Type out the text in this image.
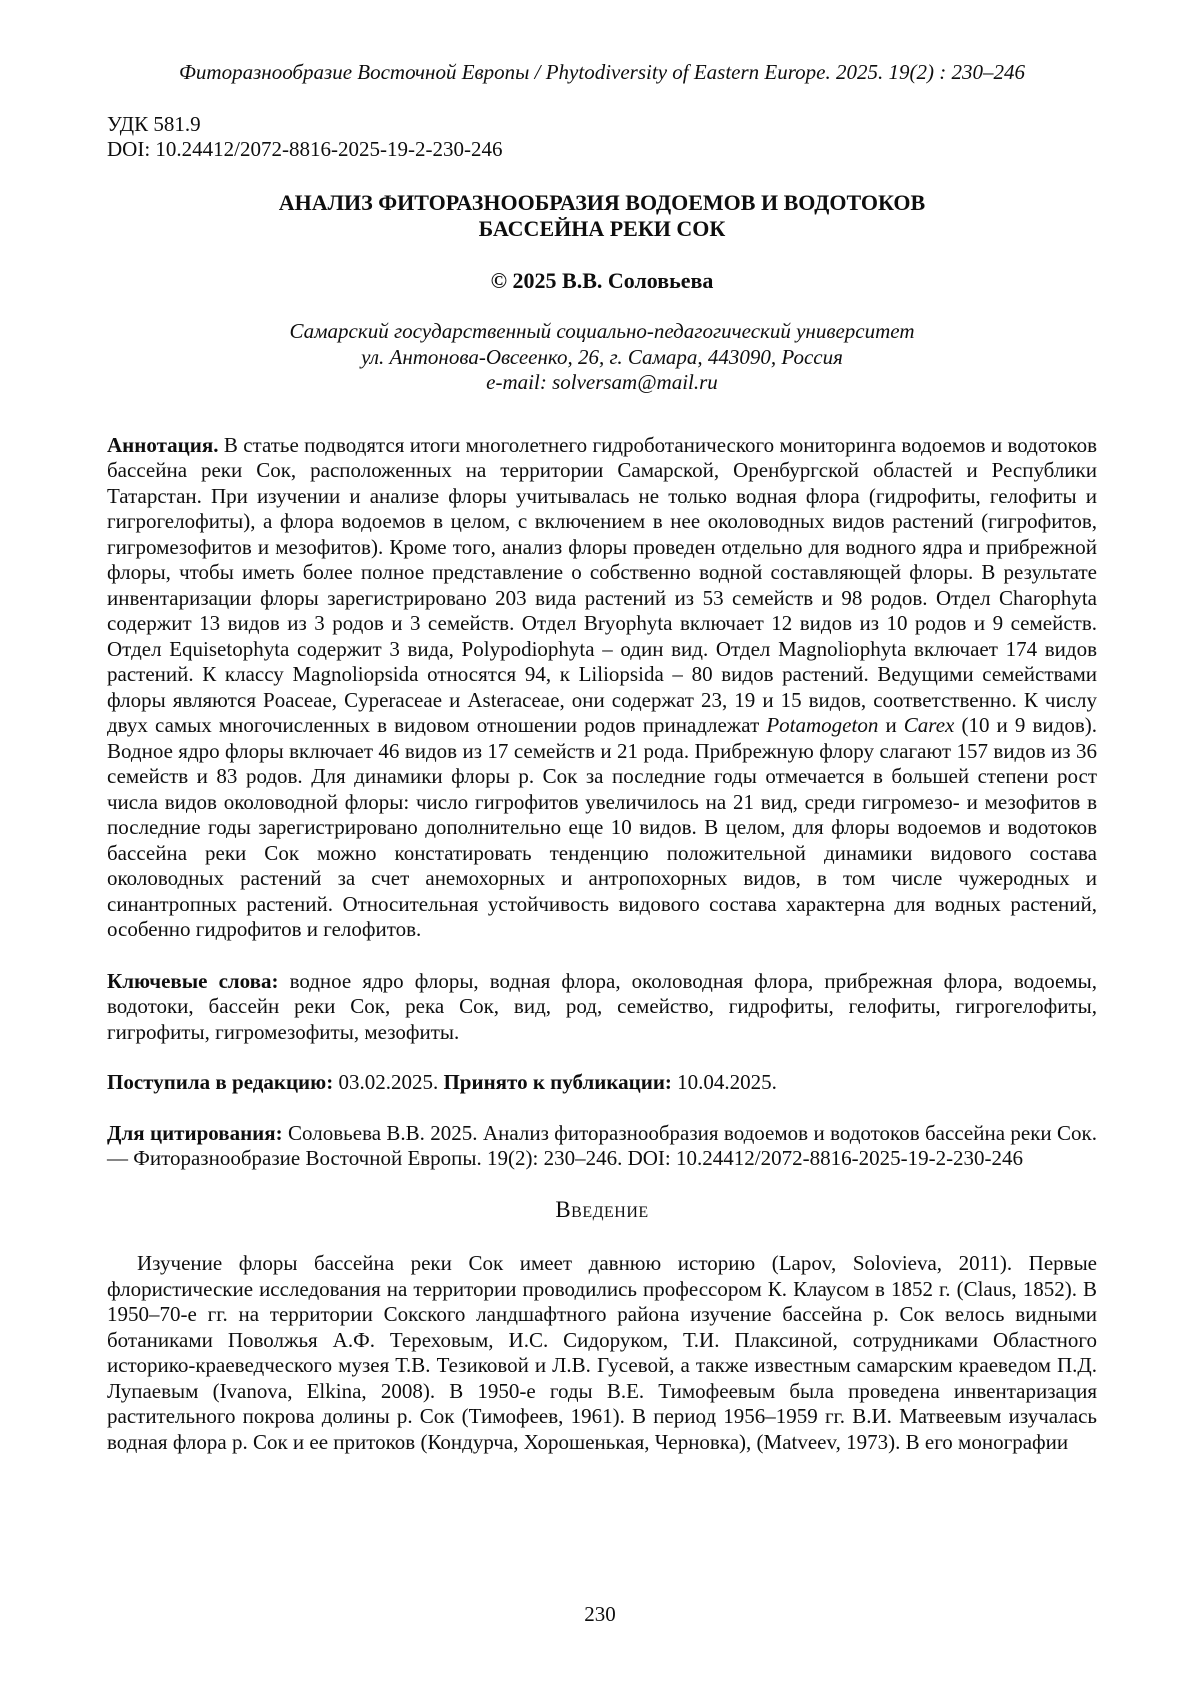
Фиторазнообразие Восточной Европы / Phytodiversity of Eastern Europe. 2025. 19(2) : 230–246
УДК 581.9
DOI: 10.24412/2072-8816-2025-19-2-230-246
АНАЛИЗ ФИТОРАЗНООБРАЗИЯ ВОДОЕМОВ И ВОДОТОКОВ
БАССЕЙНА РЕКИ СОК
© 2025 В.В. Соловьева
Самарский государственный социально-педагогический университет
ул. Антонова-Овсеенко, 26, г. Самара, 443090, Россия
e-mail: solversam@mail.ru
Аннотация. В статье подводятся итоги многолетнего гидроботанического мониторинга водоемов и водотоков бассейна реки Сок, расположенных на территории Самарской, Оренбургской областей и Республики Татарстан. При изучении и анализе флоры учитывалась не только водная флора (гидрофиты, гелофиты и гигрогелофиты), а флора водоемов в целом, с включением в нее околоводных видов растений (гигрофитов, гигромезофитов и мезофитов). Кроме того, анализ флоры проведен отдельно для водного ядра и прибрежной флоры, чтобы иметь более полное представление о собственно водной составляющей флоры. В результате инвентаризации флоры зарегистрировано 203 вида растений из 53 семейств и 98 родов. Отдел Charophyta содержит 13 видов из 3 родов и 3 семейств. Отдел Bryophyta включает 12 видов из 10 родов и 9 семейств. Отдел Equisetophyta содержит 3 вида, Polypodiophyta – один вид. Отдел Magnoliophyta включает 174 видов растений. К классу Magnoliopsida относятся 94, к Liliopsida – 80 видов растений. Ведущими семействами флоры являются Poaceae, Cyperaceae и Asteraceae, они содержат 23, 19 и 15 видов, соответственно. К числу двух самых многочисленных в видовом отношении родов принадлежат Potamogeton и Carex (10 и 9 видов). Водное ядро флоры включает 46 видов из 17 семейств и 21 рода. Прибрежную флору слагают 157 видов из 36 семейств и 83 родов. Для динамики флоры р. Сок за последние годы отмечается в большей степени рост числа видов околоводной флоры: число гигрофитов увеличилось на 21 вид, среди гигромезо- и мезофитов в последние годы зарегистрировано дополнительно еще 10 видов. В целом, для флоры водоемов и водотоков бассейна реки Сок можно констатировать тенденцию положительной динамики видового состава околоводных растений за счет анемохорных и антропохорных видов, в том числе чужеродных и синантропных растений. Относительная устойчивость видового состава характерна для водных растений, особенно гидрофитов и гелофитов.
Ключевые слова: водное ядро флоры, водная флора, околоводная флора, прибрежная флора, водоемы, водотоки, бассейн реки Сок, река Сок, вид, род, семейство, гидрофиты, гелофиты, гигрогелофиты, гигрофиты, гигромезофиты, мезофиты.
Поступила в редакцию: 03.02.2025. Принято к публикации: 10.04.2025.
Для цитирования: Соловьева В.В. 2025. Анализ фиторазнообразия водоемов и водотоков бассейна реки Сок. — Фиторазнообразие Восточной Европы. 19(2): 230–246. DOI: 10.24412/2072-8816-2025-19-2-230-246
Введение
Изучение флоры бассейна реки Сок имеет давнюю историю (Lapov, Solovieva, 2011). Первые флористические исследования на территории проводились профессором К. Клаусом в 1852 г. (Claus, 1852). В 1950–70-е гг. на территории Сокского ландшафтного района изучение бассейна р. Сок велось видными ботаниками Поволжья А.Ф. Тереховым, И.С. Сидоруком, Т.И. Плаксиной, сотрудниками Областного историко-краеведческого музея Т.В. Тезиковой и Л.В. Гусевой, а также известным самарским краеведом П.Д. Лупаевым (Ivanova, Elkina, 2008). В 1950-е годы В.Е. Тимофеевым была проведена инвентаризация растительного покрова долины р. Сок (Тимофеев, 1961). В период 1956–1959 гг. В.И. Матвеевым изучалась водная флора р. Сок и ее притоков (Кондурча, Хорошенькая, Черновка), (Matveev, 1973). В его монографии
230
